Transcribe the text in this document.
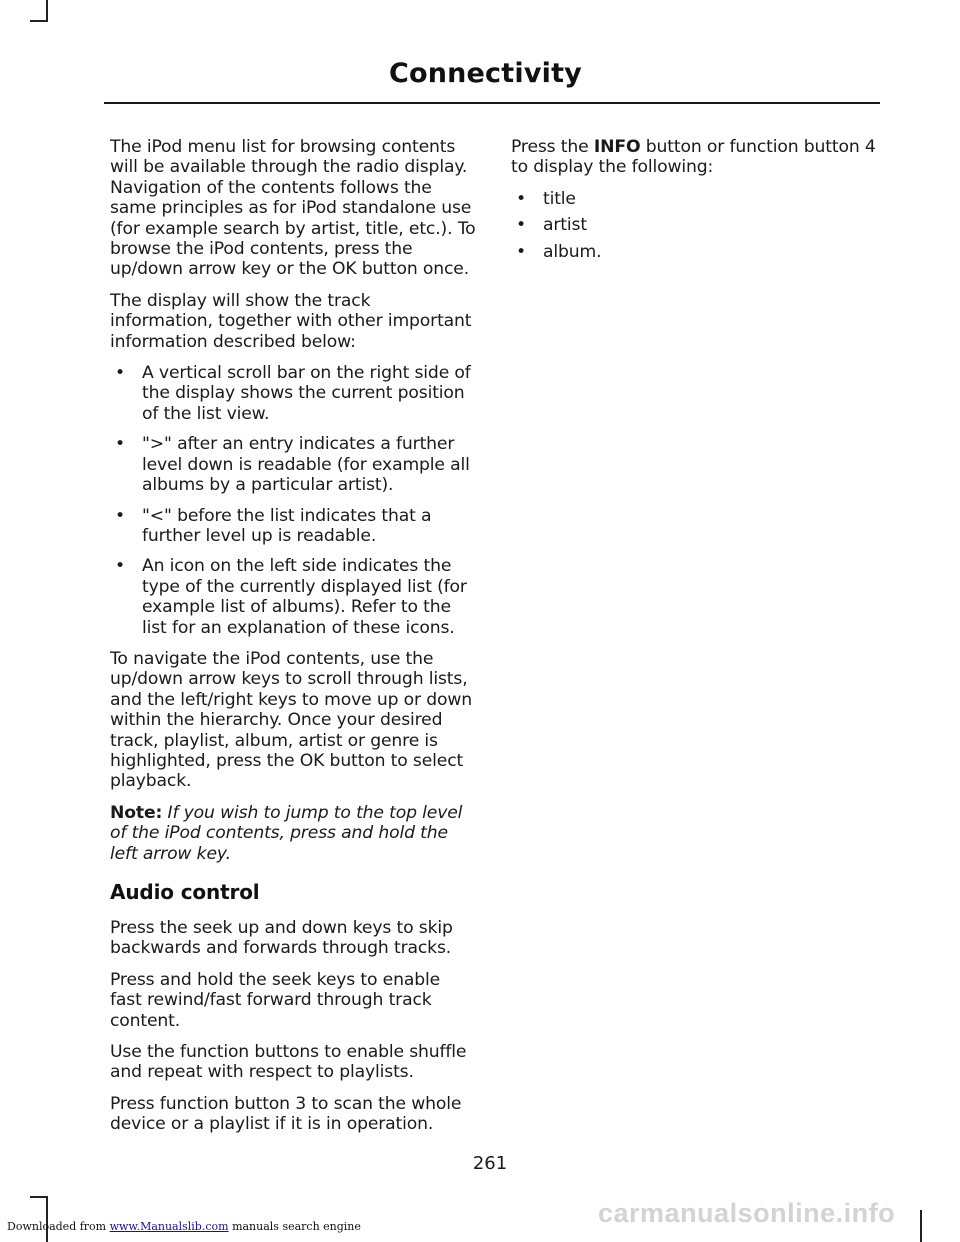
Connectivity

The iPod menu list for browsing contents will be available through the radio display. Navigation of the contents follows the same principles as for iPod standalone use (for example search by artist, title, etc.). To browse the iPod contents, press the up/down arrow key or the OK button once.

The display will show the track information, together with other important information described below:

• A vertical scroll bar on the right side of the display shows the current position of the list view.
• ">" after an entry indicates a further level down is readable (for example all albums by a particular artist).
• "<" before the list indicates that a further level up is readable.
• An icon on the left side indicates the type of the currently displayed list (for example list of albums). Refer to the list for an explanation of these icons.

To navigate the iPod contents, use the up/down arrow keys to scroll through lists, and the left/right keys to move up or down within the hierarchy. Once your desired track, playlist, album, artist or genre is highlighted, press the OK button to select playback.

Note: If you wish to jump to the top level of the iPod contents, press and hold the left arrow key.

Audio control

Press the seek up and down keys to skip backwards and forwards through tracks.

Press and hold the seek keys to enable fast rewind/fast forward through track content.

Use the function buttons to enable shuffle and repeat with respect to playlists.

Press function button 3 to scan the whole device or a playlist if it is in operation.

Press the INFO button or function button 4 to display the following:

• title
• artist
• album.
261
carmanualsonline.info
Downloaded from www.Manualslib.com manuals search engine
